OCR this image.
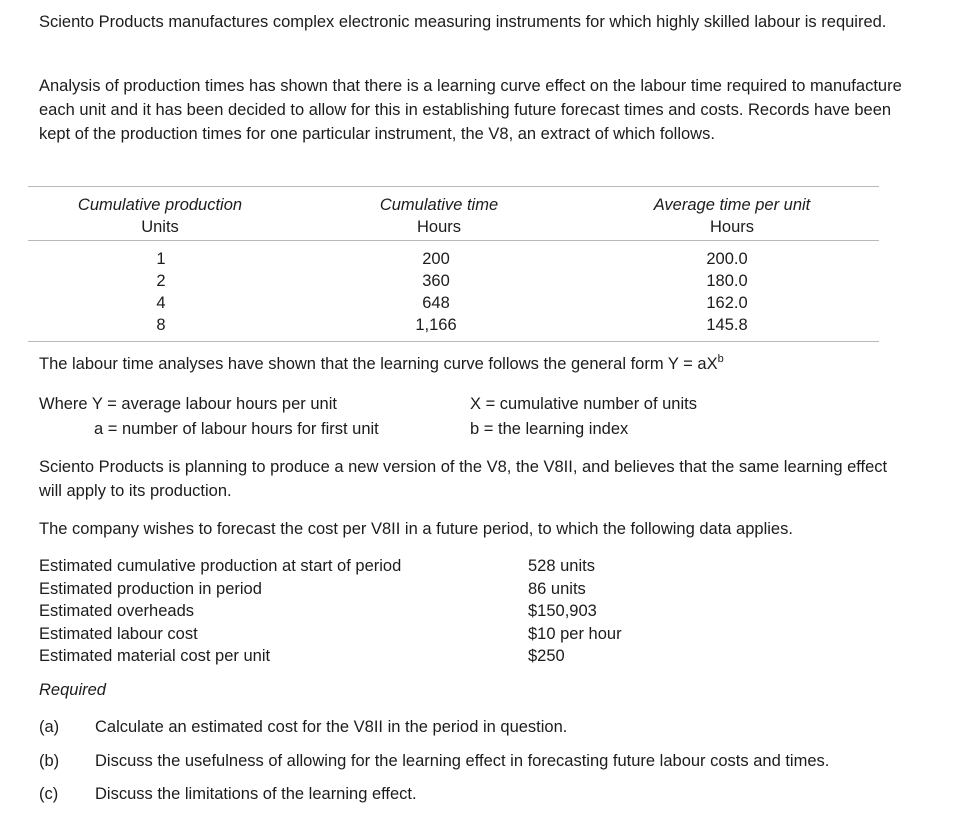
Sciento Products manufactures complex electronic measuring instruments for which highly skilled labour is required.

Analysis of production times has shown that there is a learning curve effect on the labour time required to manufacture each unit and it has been decided to allow for this in establishing future forecast times and costs. Records have been kept of the production times for one particular instrument, the V8, an extract of which follows.

Cumulative production
Units
Cumulative time
Hours
Average time per unit
Hours
1
2
4
8
200
360
648
1,166
200.0
180.0
162.0
145.8
The labour time analyses have shown that the learning curve follows the general form $Y = aX^b$
Where Y = average labour hours per unit
a = number of labour hours for first unit
X = cumulative number of units
b = the learning index

Sciento Products is planning to produce a new version of the V8, the V8II, and believes that the same learning effect will apply to its production.

The company wishes to forecast the cost per V8II in a future period, to which the following data applies.

Estimated cumulative production at start of period
Estimated production in period
Estimated overheads
Estimated labour cost
Estimated material cost per unit
528 units
86 units
$150,903
$10 per hour
$250
Required
(a) Calculate an estimated cost for the V8II in the period in question.
(b) Discuss the usefulness of allowing for the learning effect in forecasting future labour costs and times.
(c) Discuss the limitations of the learning effect.
